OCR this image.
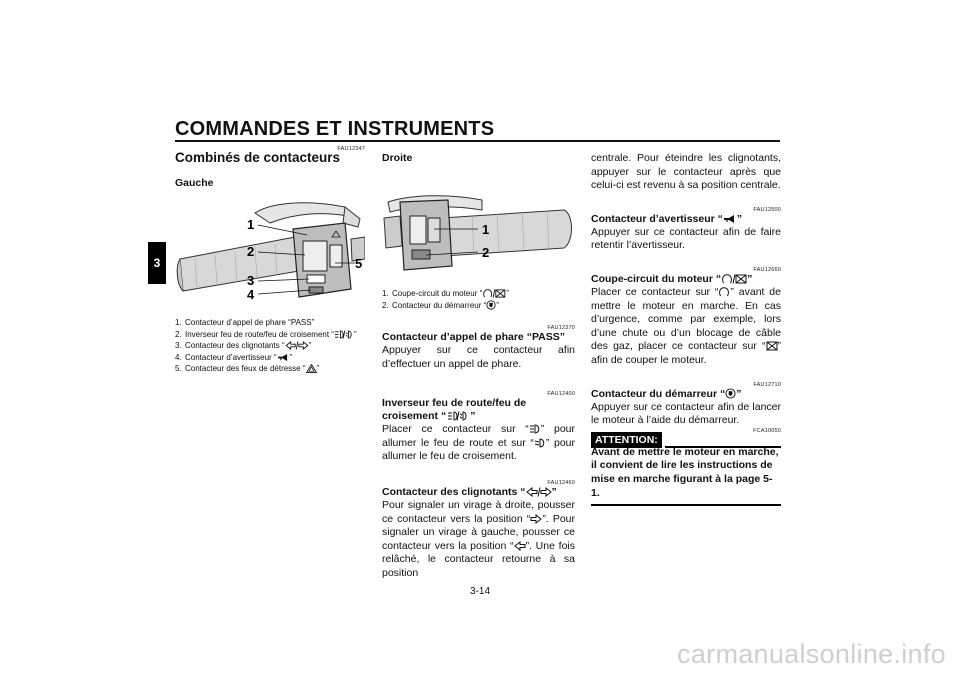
COMMANDES ET INSTRUMENTS
3
FAU12347
Combinés de contacteurs
Gauche
1
2
3
4
5
1. Contacteur d’appel de phare “PASS”
2. Inverseur feu de route/feu de croisement “	”
3. Contacteur des clignotants “	”
4. Contacteur d’avertisseur “ ”
5. Contacteur des feux de détresse “ ”
Droite
1
2
1. Coupe-circuit du moteur “	”
2. Contacteur du démarreur “ ”
FAU12370
Contacteur d’appel de phare “PASS”
Appuyer sur ce contacteur afin d’effectuer un appel de phare.
FAU12400
Inverseur feu de route/feu de
croisement “ ”
Placer ce contacteur sur “ ” pour allumer le feu de route et sur “ ” pour allumer le feu de croisement.
FAU12460
Contacteur des clignotants “ ”
Pour signaler un virage à droite, pousser ce contacteur vers la position “ ”. Pour signaler un virage à gauche, pousser ce contacteur vers la position “ ”. Une fois relâché, le contacteur retourne à sa position
centrale. Pour éteindre les clignotants, appuyer sur le contacteur après que celui-ci est revenu à sa position centrale.
FAU12500
Contacteur d’avertisseur “ ”
Appuyer sur ce contacteur afin de faire retentir l’avertisseur.
FAU12660
Coupe-circuit du moteur “ ”
Placer ce contacteur sur “ ” avant de mettre le moteur en marche. En cas d’urgence, comme par exemple, lors d’une chute ou d’un blocage de câble des gaz, placer ce contacteur sur “ ” afin de couper le moteur.
FAU12710
Contacteur du démarreur “ ”
Appuyer sur ce contacteur afin de lancer le moteur à l’aide du démarreur.
ATTENTION:
FCA10050
Avant de mettre le moteur en marche, il convient de lire les instructions de mise en marche figurant à la page 5-1.
3-14
carmanualsonline.info
